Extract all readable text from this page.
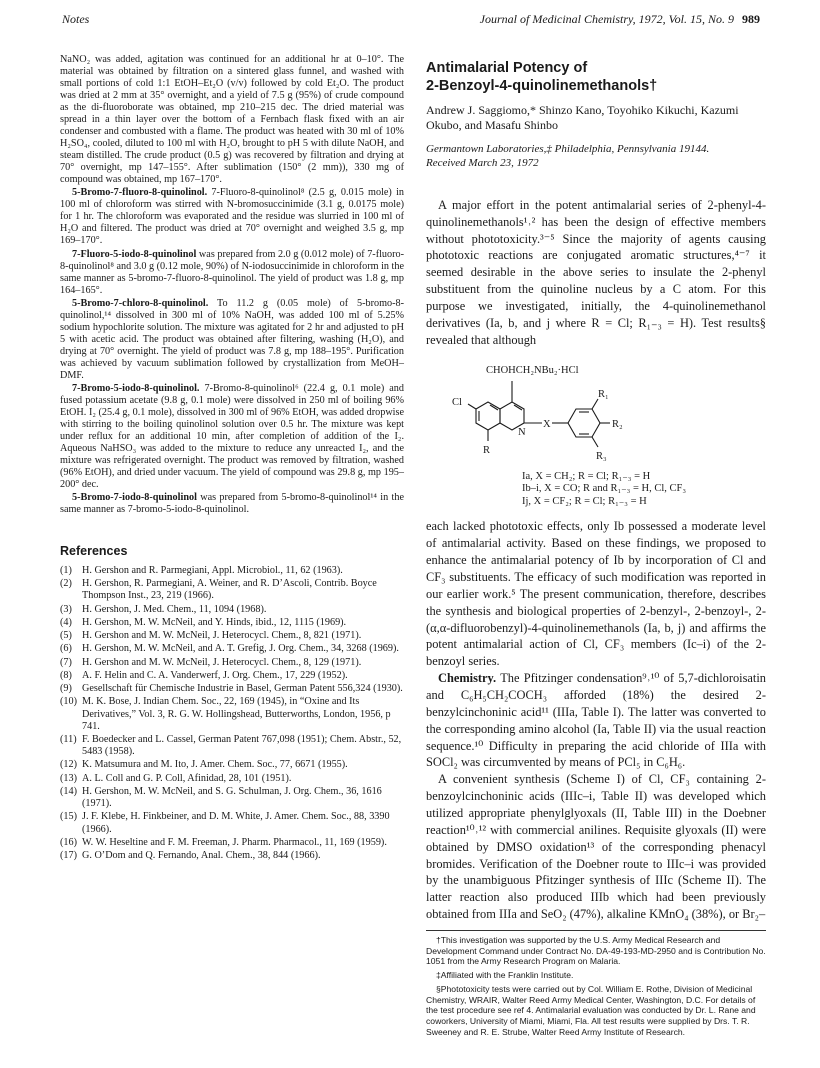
Notes	Journal of Medicinal Chemistry, 1972, Vol. 15, No. 9 989

NaNO₂ was added, agitation was continued for an additional hr at 0–10°. The material was obtained by filtration on a sintered glass funnel, and washed with small portions of cold 1:1 EtOH–Et₂O (v/v) followed by cold Et₂O. The product was dried at 2 mm at 35° overnight, and a yield of 7.5 g (95%) of crude compound as the di-fluoroborate was obtained, mp 210–215 dec. The dried material was spread in a thin layer over the bottom of a Fernbach flask fixed with an air condenser and combusted with a flame. The product was heated with 30 ml of 10% H₂SO₄, cooled, diluted to 100 ml with H₂O, brought to pH 5 with dilute NaOH, and steam distilled. The crude product (0.5 g) was recovered by filtration and drying at 70° overnight, mp 147–155°. After sublimation (150° (2 mm)), 330 mg of compound was obtained, mp 167–170°.

5-Bromo-7-fluoro-8-quinolinol. 7-Fluoro-8-quinolinol⁸ (2.5 g, 0.015 mole) in 100 ml of chloroform was stirred with N-bromosuccinimide (3.1 g, 0.0175 mole) for 1 hr. The chloroform was evaporated and the residue was slurried in 100 ml of H₂O and filtered. The product was dried at 70° overnight and weighed 3.5 g, mp 169–170°.

7-Fluoro-5-iodo-8-quinolinol was prepared from 2.0 g (0.012 mole) of 7-fluoro-8-quinolinol⁸ and 3.0 g (0.12 mole, 90%) of N-iodosuccinimide in chloroform in the same manner as 5-bromo-7-fluoro-8-quinolinol. The yield of product was 1.8 g, mp 164–165°.

5-Bromo-7-chloro-8-quinolinol. To 11.2 g (0.05 mole) of 5-bromo-8-quinolinol,¹⁴ dissolved in 300 ml of 10% NaOH, was added 100 ml of 5.25% sodium hypochlorite solution. The mixture was agitated for 2 hr and adjusted to pH 5 with acetic acid. The product was obtained after filtering, washing (H₂O), and drying at 70° overnight. The yield of product was 7.8 g, mp 188–195°. Purification was achieved by vacuum sublimation followed by crystallization from MeOH–DMF.

7-Bromo-5-iodo-8-quinolinol. 7-Bromo-8-quinolinol⁶ (22.4 g, 0.1 mole) and fused potassium acetate (9.8 g, 0.1 mole) were dissolved in 250 ml of boiling 96% EtOH. I₂ (25.4 g, 0.1 mole), dissolved in 300 ml of 96% EtOH, was added dropwise with stirring to the boiling quinolinol solution over 0.5 hr. The mixture was kept under reflux for an additional 10 min, after completion of addition of the I₂. Aqueous NaHSO₃ was added to the mixture to reduce any unreacted I₂, and the mixture was refrigerated overnight. The product was removed by filtration, washed (96% EtOH), and dried under vacuum. The yield of compound was 29.8 g, mp 195–200° dec.

5-Bromo-7-iodo-8-quinolinol was prepared from 5-bromo-8-quinolinol¹⁴ in the same manner as 7-bromo-5-iodo-8-quinolinol.

References
(1) H. Gershon and R. Parmegiani, Appl. Microbiol., 11, 62 (1963).
(2) H. Gershon, R. Parmegiani, A. Weiner, and R. D’Ascoli, Contrib. Boyce Thompson Inst., 23, 219 (1966).
(3) H. Gershon, J. Med. Chem., 11, 1094 (1968).
(4) H. Gershon, M. W. McNeil, and Y. Hinds, ibid., 12, 1115 (1969).
(5) H. Gershon and M. W. McNeil, J. Heterocycl. Chem., 8, 821 (1971).
(6) H. Gershon, M. W. McNeil, and A. T. Grefig, J. Org. Chem., 34, 3268 (1969).
(7) H. Gershon and M. W. McNeil, J. Heterocycl. Chem., 8, 129 (1971).
(8) A. F. Helin and C. A. Vanderwerf, J. Org. Chem., 17, 229 (1952).
(9) Gesellschaft für Chemische Industrie in Basel, German Patent 556,324 (1930).
(10) M. K. Bose, J. Indian Chem. Soc., 22, 169 (1945), in “Oxine and Its Derivatives,” Vol. 3, R. G. W. Hollingshead, Butterworths, London, 1956, p 741.
(11) F. Boedecker and L. Cassel, German Patent 767,098 (1951); Chem. Abstr., 52, 5483 (1958).
(12) K. Matsumura and M. Ito, J. Amer. Chem. Soc., 77, 6671 (1955).
(13) A. L. Coll and G. P. Coll, Afinidad, 28, 101 (1951).
(14) H. Gershon, M. W. McNeil, and S. G. Schulman, J. Org. Chem., 36, 1616 (1971).
(15) J. F. Klebe, H. Finkbeiner, and D. M. White, J. Amer. Chem. Soc., 88, 3390 (1966).
(16) W. W. Heseltine and F. M. Freeman, J. Pharm. Pharmacol., 11, 169 (1959).
(17) G. O’Dom and Q. Fernando, Anal. Chem., 38, 844 (1966).
Antimalarial Potency of
2-Benzoyl-4-quinolinemethanols†
Andrew J. Saggiomo,* Shinzo Kano, Toyohiko Kikuchi, Kazumi Okubo, and Masafu Shinbo
Germantown Laboratories,‡ Philadelphia, Pennsylvania 19144.
Received March 23, 1972

A major effort in the potent antimalarial series of 2-phenyl-4-quinolinemethanols¹˒² has been the design of effective members without phototoxicity.³⁻⁵ Since the majority of agents causing phototoxic reactions are conjugated aromatic structures,⁴⁻⁷ it seemed desirable in the above series to insulate the 2-phenyl substituent from the quinoline nucleus by a C atom. For this purpose we investigated, initially, the 4-quinolinemethanol derivatives (Ia, b, and j where R = Cl; R₁₋₃ = H). Test results§ revealed that although

CHOHCH₂NBu₂·HCl
Cl
N
X
R
R₁
R₂
R₃
Ia, X = CH₂; R = Cl; R₁₋₃ = H
Ib–i, X = CO; R and R₁₋₃ = H, Cl, CF₃
Ij, X = CF₂; R = Cl; R₁₋₃ = H

each lacked phototoxic effects, only Ib possessed a moderate level of antimalarial activity. Based on these findings, we proposed to enhance the antimalarial potency of Ib by incorporation of Cl and CF₃ substituents. The efficacy of such modification was reported in our earlier work.⁵ The present communication, therefore, describes the synthesis and biological properties of 2-benzyl-, 2-benzoyl-, 2-(α,α-difluorobenzyl)-4-quinolinemethanols (Ia, b, j) and affirms the potent antimalarial action of Cl, CF₃ members (Ic–i) of the 2-benzoyl series.

Chemistry. The Pfitzinger condensation⁹˒¹⁰ of 5,7-dichloroisatin and C₆H₅CH₂COCH₃ afforded (18%) the desired 2-benzylcinchoninic acid¹¹ (IIIa, Table I). The latter was converted to the corresponding amino alcohol (Ia, Table II) via the usual reaction sequence.¹⁰ Difficulty in preparing the acid chloride of IIIa with SOCl₂ was circumvented by means of PCl₅ in C₆H₆.

A convenient synthesis (Scheme I) of Cl, CF₃ containing 2-benzoylcinchoninic acids (IIIc–i, Table II) was developed which utilized appropriate phenylglyoxals (II, Table III) in the Doebner reaction¹⁰˒¹² with commercial anilines. Requisite glyoxals (II) were obtained by DMSO oxidation¹³ of the corresponding phenacyl bromides. Verification of the Doebner route to IIIc–i was provided by the unambiguous Pfitzinger synthesis of IIIc (Scheme II). The latter reaction also produced IIIb which had been previously obtained from IIIa and SeO₂ (47%), alkaline KMnO₄ (38%), or Br₂–

†This investigation was supported by the U.S. Army Medical Research and Development Command under Contract No. DA-49-193-MD-2950 and is Contribution No. 1051 from the Army Research Program on Malaria.

‡Affiliated with the Franklin Institute.

§Phototoxicity tests were carried out by Col. William E. Rothe, Division of Medicinal Chemistry, WRAIR, Walter Reed Army Medical Center, Washington, D.C. For details of the test procedure see ref 4. Antimalarial evaluation was conducted by Dr. L. Rane and coworkers, University of Miami, Miami, Fla. All test results were supplied by Drs. T. R. Sweeney and R. E. Strube, Walter Reed Army Institute of Research.
